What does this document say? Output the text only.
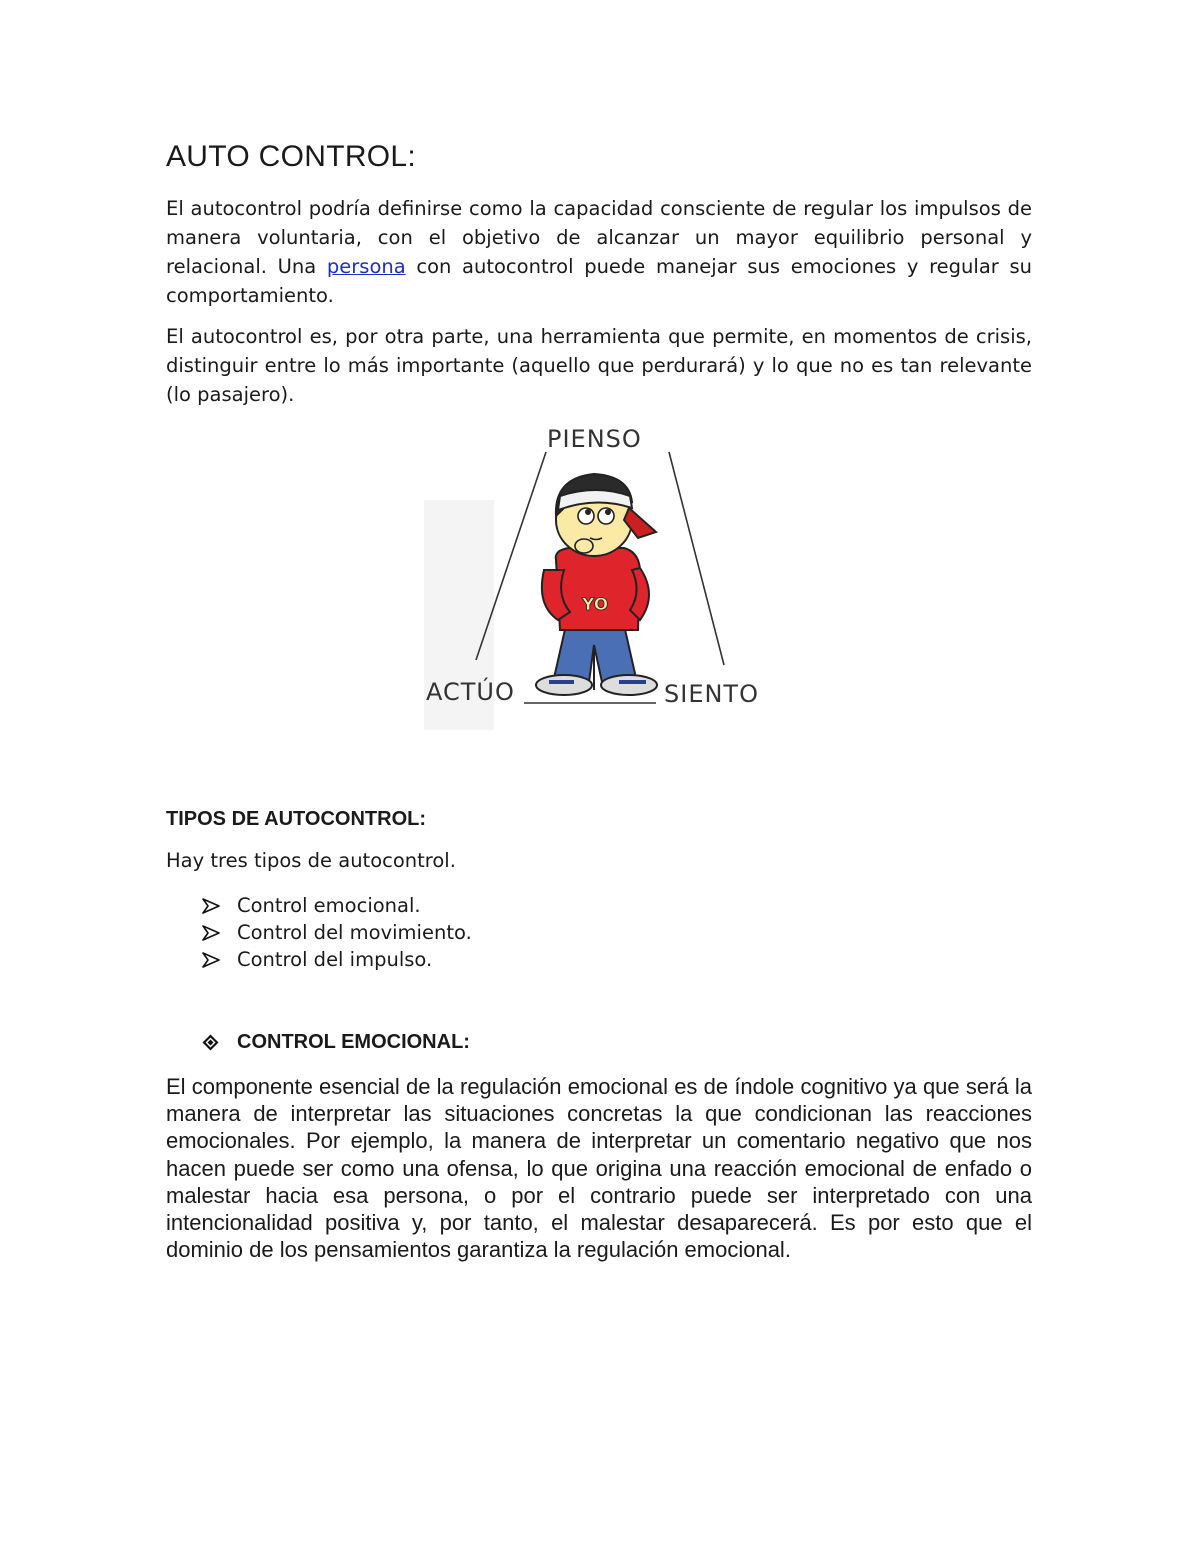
AUTO CONTROL:

El autocontrol podría definirse como la capacidad consciente de regular los impulsos de manera voluntaria, con el objetivo de alcanzar un mayor equilibrio personal y relacional. Una persona con autocontrol puede manejar sus emociones y regular su comportamiento.

El autocontrol es, por otra parte, una herramienta que permite, en momentos de crisis, distinguir entre lo más importante (aquello que perdurará) y lo que no es tan relevante (lo pasajero).

PIENSO
ACTÚO	SIENTO
YO
TIPOS DE AUTOCONTROL:

Hay tres tipos de autocontrol.

Control emocional.
Control del movimiento.
Control del impulso.
CONTROL EMOCIONAL:

El componente esencial de la regulación emocional es de índole cognitivo ya que será la manera de interpretar las situaciones concretas la que condicionan las reacciones emocionales. Por ejemplo, la manera de interpretar un comentario negativo que nos hacen puede ser como una ofensa, lo que origina una reacción emocional de enfado o malestar hacia esa persona, o por el contrario puede ser interpretado con una intencionalidad positiva y, por tanto, el malestar desaparecerá. Es por esto que el dominio de los pensamientos garantiza la regulación emocional.
